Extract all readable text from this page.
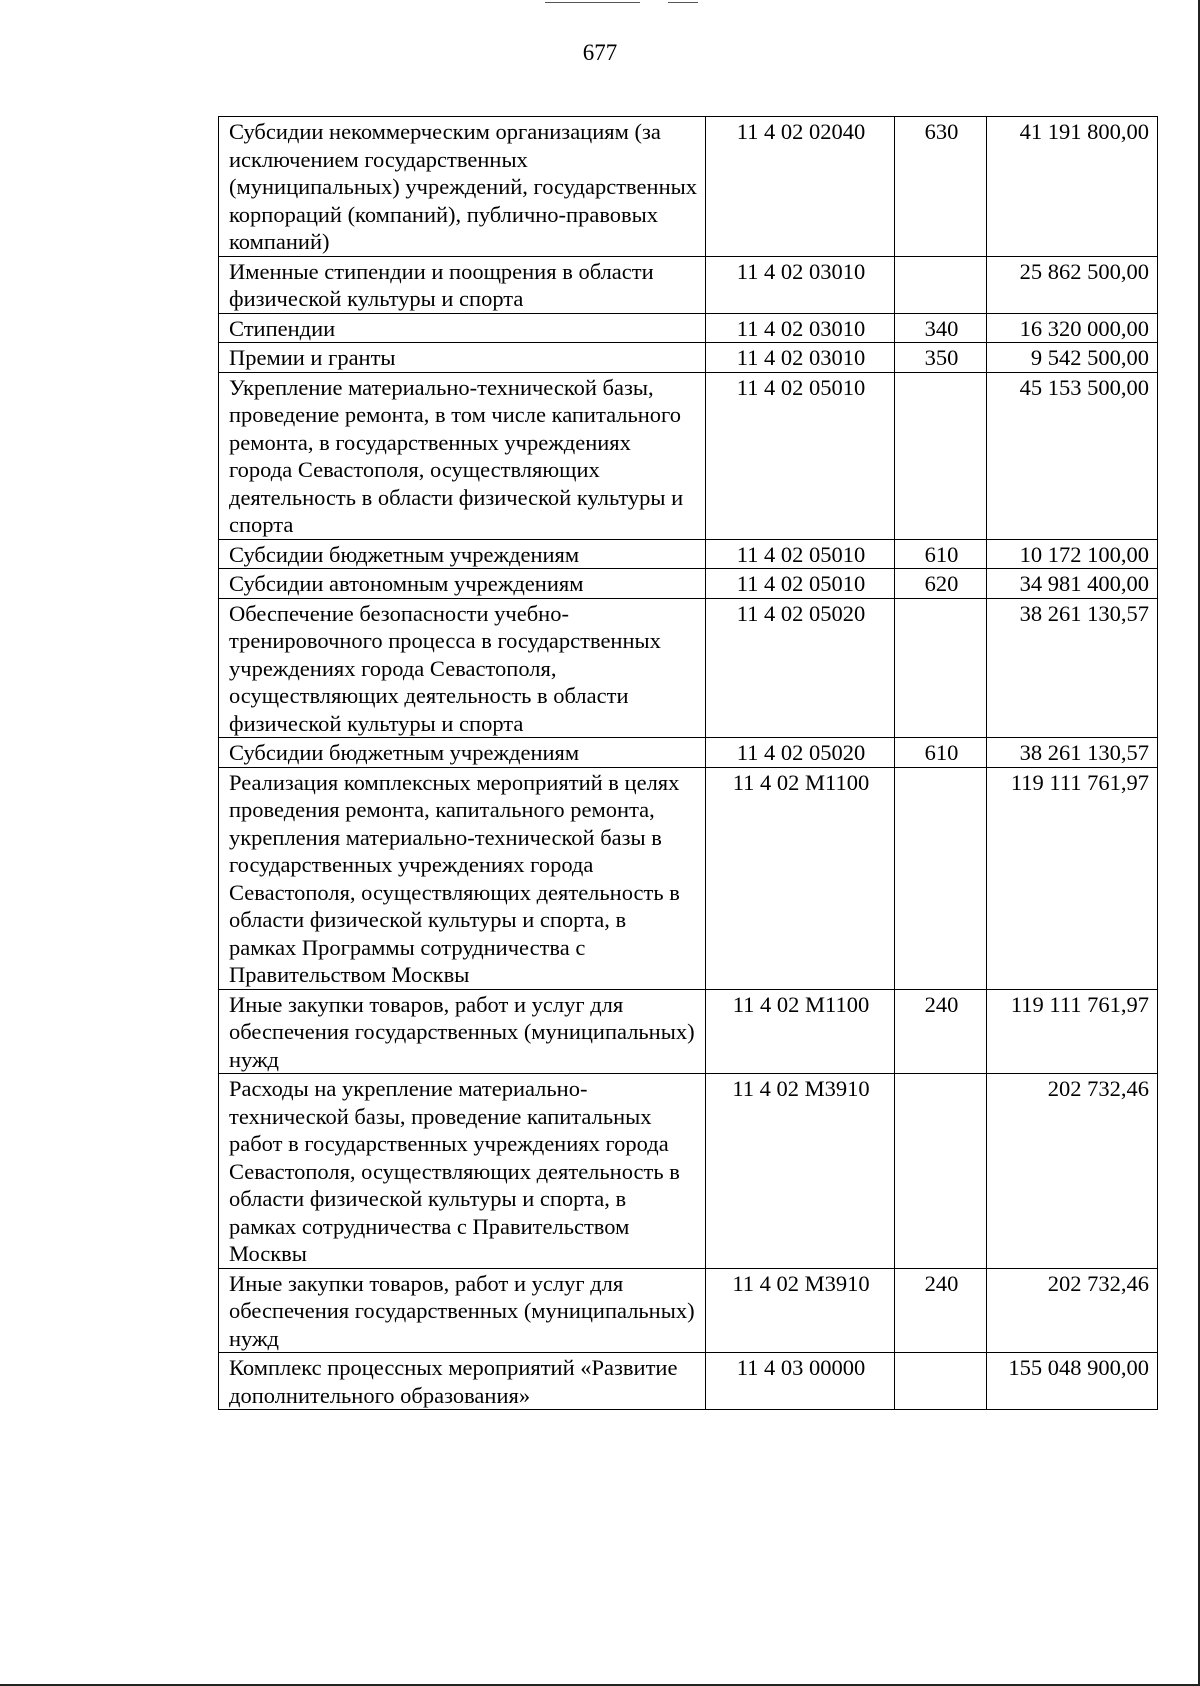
677
Субсидии некоммерческим организациям (за исключением государственных (муниципальных) учреждений, государственных корпораций (компаний), публично-правовых компаний)	11 4 02 02040	630	41 191 800,00
Именные стипендии и поощрения в области физической культуры и спорта	11 4 02 03010		25 862 500,00
Стипендии	11 4 02 03010	340	16 320 000,00
Премии и гранты	11 4 02 03010	350	9 542 500,00
Укрепление материально-технической базы, проведение ремонта, в том числе капитального ремонта, в государственных учреждениях города Севастополя, осуществляющих деятельность в области физической культуры и спорта	11 4 02 05010		45 153 500,00
Субсидии бюджетным учреждениям	11 4 02 05010	610	10 172 100,00
Субсидии автономным учреждениям	11 4 02 05010	620	34 981 400,00
Обеспечение безопасности учебно-тренировочного процесса в государственных учреждениях города Севастополя, осуществляющих деятельность в области физической культуры и спорта	11 4 02 05020		38 261 130,57
Субсидии бюджетным учреждениям	11 4 02 05020	610	38 261 130,57
Реализация комплексных мероприятий в целях проведения ремонта, капитального ремонта, укрепления материально-технической базы в государственных учреждениях города Севастополя, осуществляющих деятельность в области физической культуры и спорта, в рамках Программы сотрудничества с Правительством Москвы	11 4 02 М1100		119 111 761,97
Иные закупки товаров, работ и услуг для обеспечения государственных (муниципальных) нужд	11 4 02 М1100	240	119 111 761,97
Расходы на укрепление материально-технической базы, проведение капитальных работ в государственных учреждениях города Севастополя, осуществляющих деятельность в области физической культуры и спорта, в рамках сотрудничества с Правительством Москвы	11 4 02 М3910		202 732,46
Иные закупки товаров, работ и услуг для обеспечения государственных (муниципальных) нужд	11 4 02 М3910	240	202 732,46
Комплекс процессных мероприятий «Развитие дополнительного образования»	11 4 03 00000		155 048 900,00
